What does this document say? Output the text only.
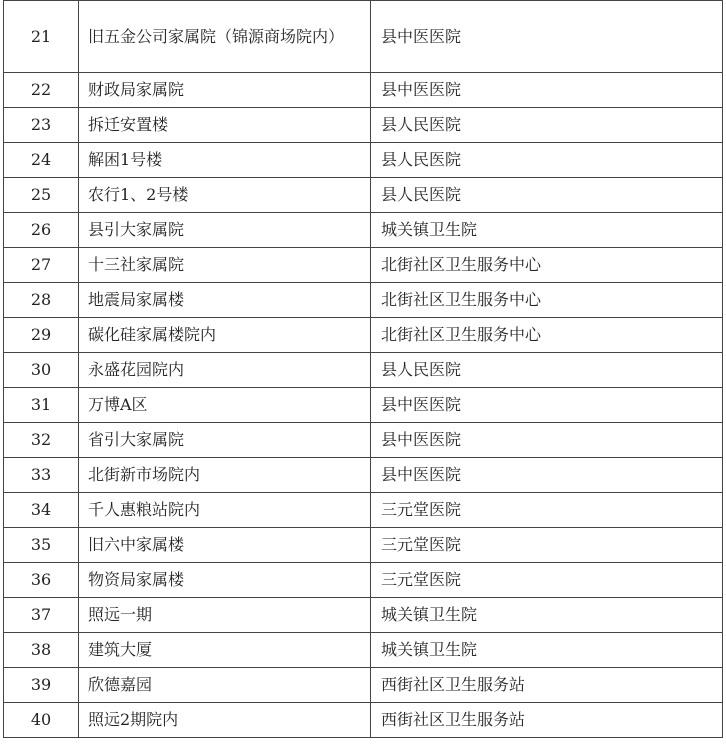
21	旧五金公司家属院（锦源商场院内）	县中医医院
22	财政局家属院	县中医医院
23	拆迁安置楼	县人民医院
24	解困1号楼	县人民医院
25	农行1、2号楼	县人民医院
26	县引大家属院	城关镇卫生院
27	十三社家属院	北街社区卫生服务中心
28	地震局家属楼	北街社区卫生服务中心
29	碳化硅家属楼院内	北街社区卫生服务中心
30	永盛花园院内	县人民医院
31	万博A区	县中医医院
32	省引大家属院	县中医医院
33	北街新市场院内	县中医医院
34	千人惠粮站院内	三元堂医院
35	旧六中家属楼	三元堂医院
36	物资局家属楼	三元堂医院
37	照远一期	城关镇卫生院
38	建筑大厦	城关镇卫生院
39	欣德嘉园	西街社区卫生服务站
40	照远2期院内	西街社区卫生服务站
